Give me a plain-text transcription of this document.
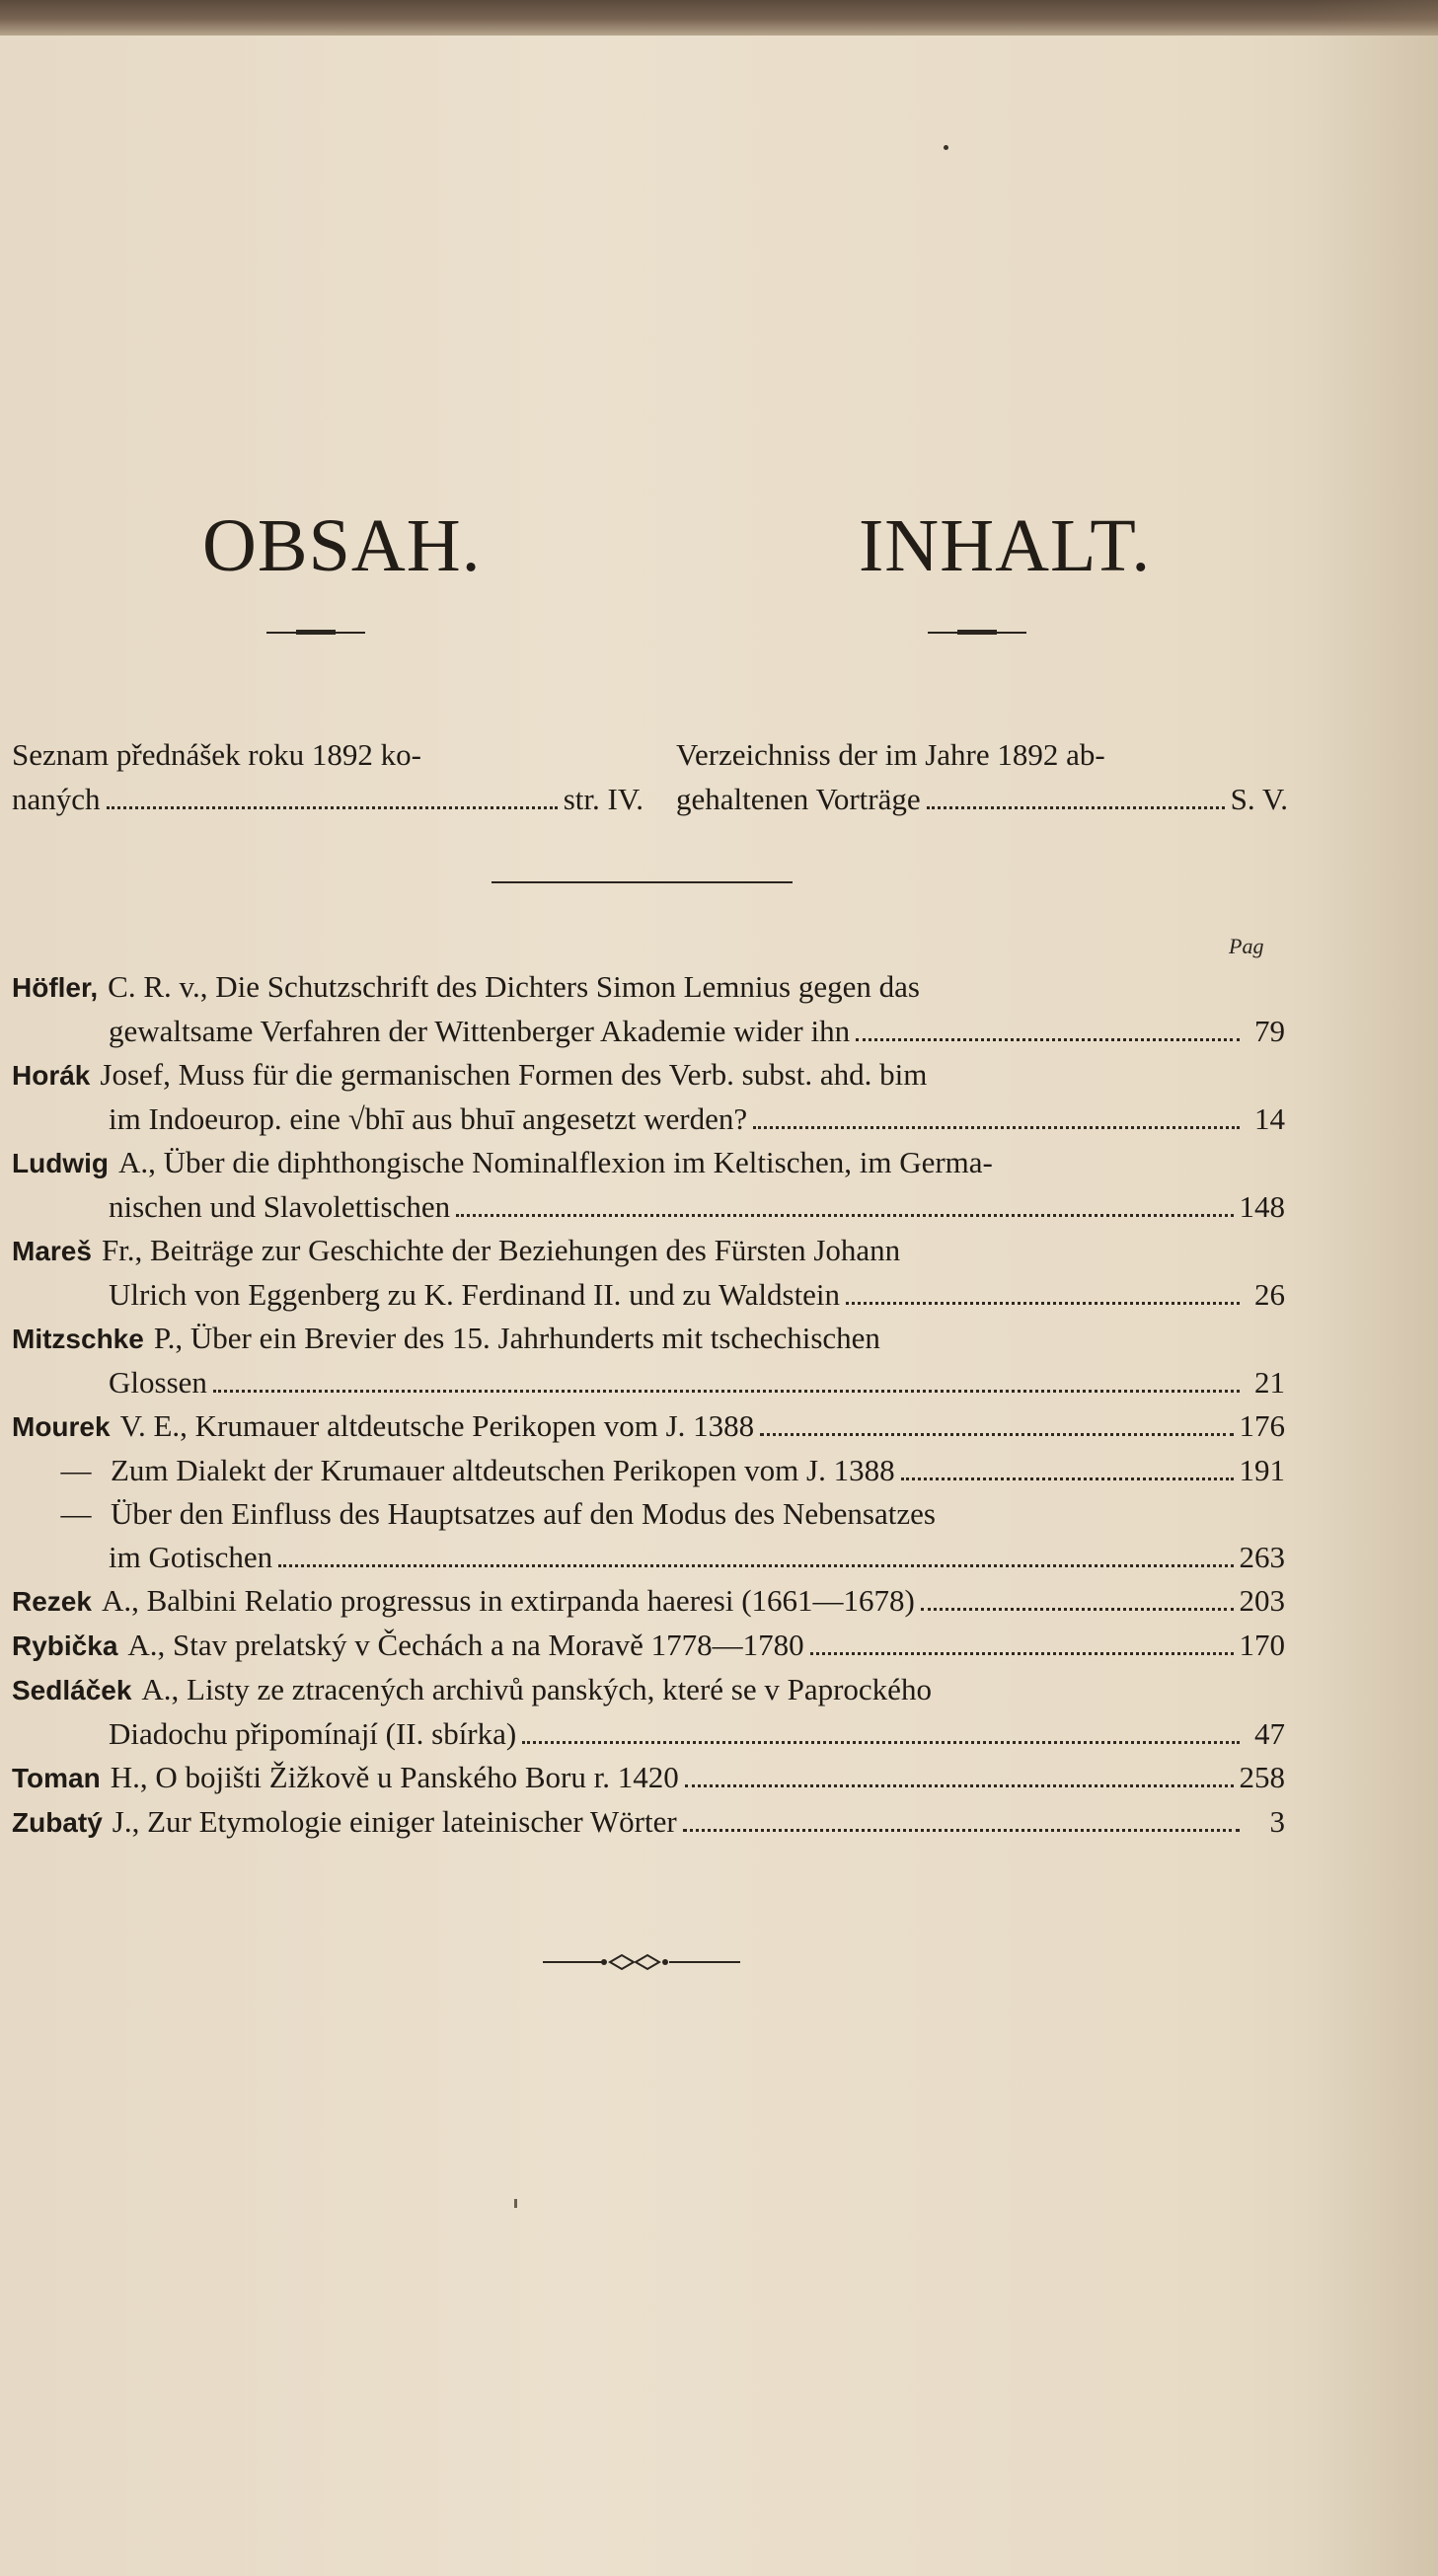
OBSAH.	INHALT.
Seznam přednášek roku 1892 ko-
naných	str. IV.
Verzeichniss der im Jahre 1892 ab-
gehaltenen Vorträge	S. V.
Pag
Höfler, C. R. v., Die Schutzschrift des Dichters Simon Lemnius gegen das
gewaltsame Verfahren der Wittenberger Akademie wider ihn	79
Horák Josef, Muss für die germanischen Formen des Verb. subst. ahd. bim
im Indoeurop. eine √bhī aus bhuī angesetzt werden?	14
Ludwig A., Über die diphthongische Nominalflexion im Keltischen, im Germa-
nischen und Slavolettischen	148
Mareš Fr., Beiträge zur Geschichte der Beziehungen des Fürsten Johann
Ulrich von Eggenberg zu K. Ferdinand II. und zu Waldstein	26
Mitzschke P., Über ein Brevier des 15. Jahrhunderts mit tschechischen
Glossen	21
Mourek V. E., Krumauer altdeutsche Perikopen vom J. 1388	176
— Zum Dialekt der Krumauer altdeutschen Perikopen vom J. 1388	191
— Über den Einfluss des Hauptsatzes auf den Modus des Nebensatzes
im Gotischen	263
Rezek A., Balbini Relatio progressus in extirpanda haeresi (1661—1678)	203
Rybička A., Stav prelatský v Čechách a na Moravě 1778—1780	170
Sedláček A., Listy ze ztracených archivů panských, které se v Paprockého
Diadochu připomínají (II. sbírka)	47
Toman H., O bojišti Žižkově u Panského Boru r. 1420	258
Zubatý J., Zur Etymologie einiger lateinischer Wörter	3
